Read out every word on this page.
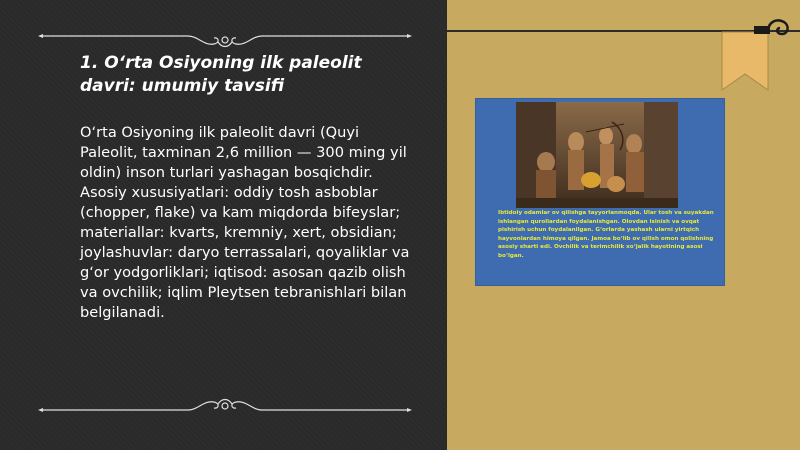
1. O‘rta Osiyoning ilk paleolit davri: umumiy tavsifi

O‘rta Osiyoning ilk paleolit davri (Quyi Paleolit, taxminan 2,6 million — 300 ming yil oldin) inson turlari yashagan bosqichdir. Asosiy xususiyatlari: oddiy tosh asboblar (chopper, flake) va kam miqdorda bifeyslar; materiallar: kvarts, kremniy, xert, obsidian; joylashuvlar: daryo terrassalari, qoyaliklar va g‘or yodgorliklari; iqtisod: asosan qazib olish va ovchilik; iqlim Pleytsen tebranishlari bilan belgilanadi.

Ibtidoiy odamlar ov qilishga tayyorlanmoqda. Ular tosh va suyakdan ishlangan qurollardan foydalanishgan. Olovdan isinish va ovqat pishirish uchun foydalanilgan. G‘orlarda yashash ularni yirtqich hayvonlardan himoya qilgan. Jamoa bo‘lib ov qilish omon qolishning asosiy sharti edi. Ovchilik va terimchilik xo‘jalik hayotining asosi bo‘lgan.
